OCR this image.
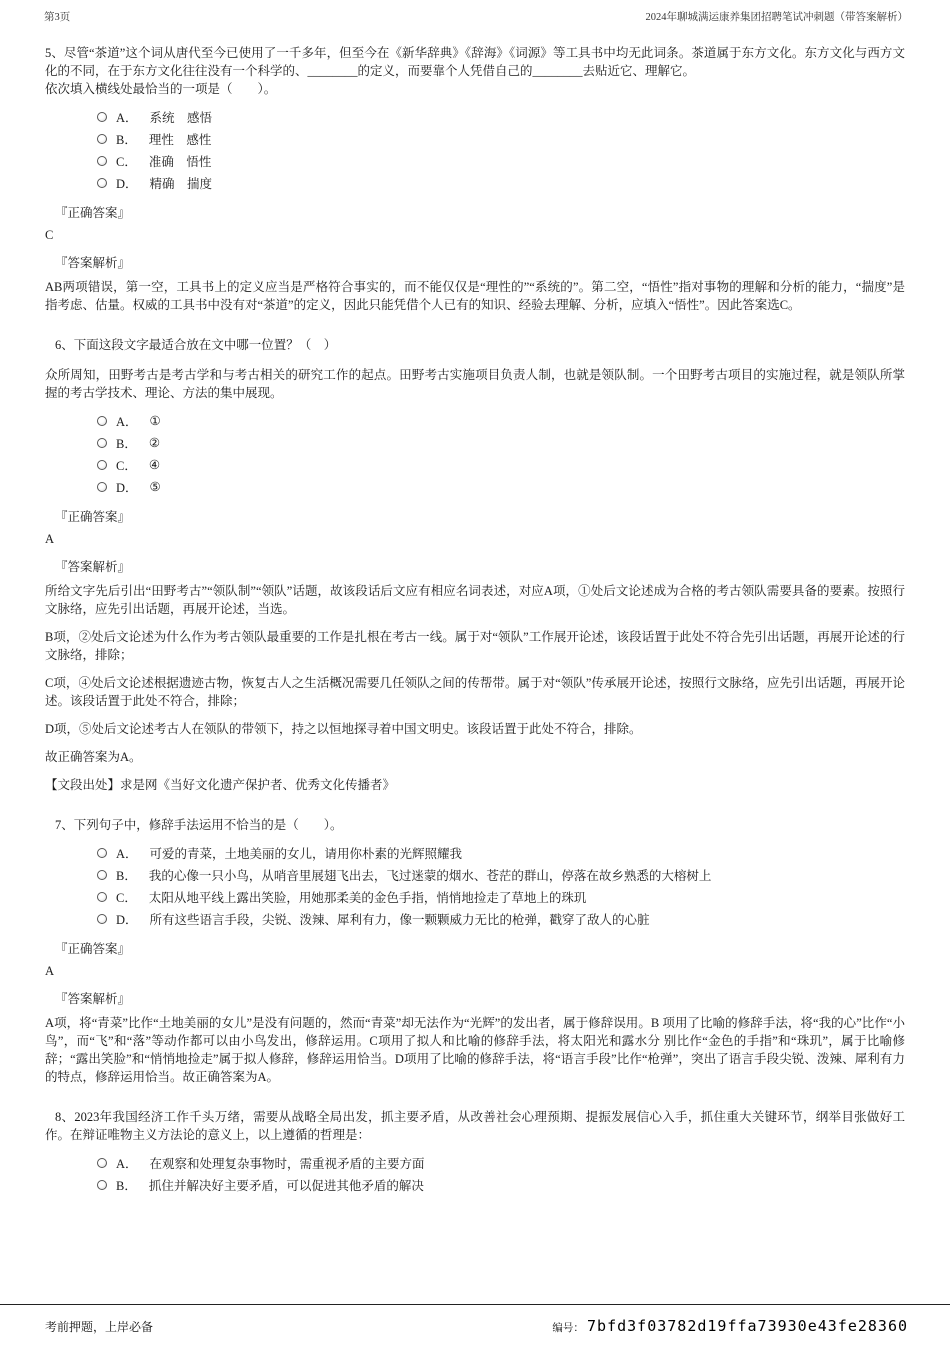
第3页	2024年聊城满运康养集团招聘笔试冲刺题（带答案解析）

5、尽管“茶道”这个词从唐代至今已使用了一千多年，但至今在《新华辞典》《辞海》《词源》等工具书中均无此词条。茶道属于东方文化。东方文化与西方文化的不同，在于东方文化往往没有一个科学的、________的定义，而要靠个人凭借自己的________去贴近它、理解它。

依次填入横线处最恰当的一项是（　　）。

A． 系统　感悟
B． 理性　感性
C． 准确　悟性
D． 精确　揣度

『正确答案』

C

『答案解析』

AB两项错误，第一空，工具书上的定义应当是严格符合事实的，而不能仅仅是“理性的”“系统的”。第二空，“悟性”指对事物的理解和分析的能力，“揣度”是指考虑、估量。权威的工具书中没有对“茶道”的定义，因此只能凭借个人已有的知识、经验去理解、分析，应填入“悟性”。因此答案选C。

6、下面这段文字最适合放在文中哪一位置？（　）

众所周知，田野考古是考古学和与考古相关的研究工作的起点。田野考古实施项目负责人制，也就是领队制。一个田野考古项目的实施过程，就是领队所掌握的考古学技术、理论、方法的集中展现。

A． ①
B． ②
C． ④
D． ⑤

『正确答案』

A

『答案解析』

所给文字先后引出“田野考古”“领队制”“领队”话题，故该段话后文应有相应名词表述，对应A项，①处后文论述成为合格的考古领队需要具备的要素。按照行文脉络，应先引出话题，再展开论述，当选。

B项，②处后文论述为什么作为考古领队最重要的工作是扎根在考古一线。属于对“领队”工作展开论述，该段话置于此处不符合先引出话题，再展开论述的行文脉络，排除；

C项，④处后文论述根据遗迹古物，恢复古人之生活概况需要几任领队之间的传帮带。属于对“领队”传承展开论述，按照行文脉络，应先引出话题，再展开论述。该段话置于此处不符合，排除；

D项，⑤处后文论述考古人在领队的带领下，持之以恒地探寻着中国文明史。该段话置于此处不符合，排除。

故正确答案为A。

【文段出处】求是网《当好文化遗产保护者、优秀文化传播者》

7、下列句子中，修辞手法运用不恰当的是（　　）。

A． 可爱的青菜，土地美丽的女儿，请用你朴素的光辉照耀我
B． 我的心像一只小鸟，从哨音里展翅飞出去，飞过迷蒙的烟水、苍茫的群山，停落在故乡熟悉的大榕树上
C． 太阳从地平线上露出笑脸，用她那柔美的金色手指，悄悄地捡走了草地上的珠玑
D． 所有这些语言手段，尖锐、泼辣、犀利有力，像一颗颗威力无比的枪弹，戳穿了敌人的心脏

『正确答案』

A

『答案解析』

A项，将“青菜”比作“土地美丽的女儿”是没有问题的，然而“青菜”却无法作为“光辉”的发出者，属于修辞误用。B 项用了比喻的修辞手法，将“我的心”比作“小鸟”，而“飞”和“落”等动作都可以由小鸟发出，修辞运用。C项用了拟人和比喻的修辞手法，将太阳光和露水分 别比作“金色的手指”和“珠玑”，属于比喻修辞；“露出笑脸”和“悄悄地捡走”属于拟人修辞，修辞运用恰当。D项用了比喻的修辞手法，将“语言手段”比作“枪弹”，突出了语言手段尖锐、泼辣、犀利有力的特点，修辞运用恰当。故正确答案为A。

8、2023年我国经济工作千头万绪，需要从战略全局出发，抓主要矛盾，从改善社会心理预期、提振发展信心入手，抓住重大关键环节，纲举目张做好工作。在辩证唯物主义方法论的意义上，以上遵循的哲理是：

A． 在观察和处理复杂事物时，需重视矛盾的主要方面
B． 抓住并解决好主要矛盾，可以促进其他矛盾的解决
考前押题，上岸必备	编号： 7bfd3f03782d19ffa73930e43fe28360
